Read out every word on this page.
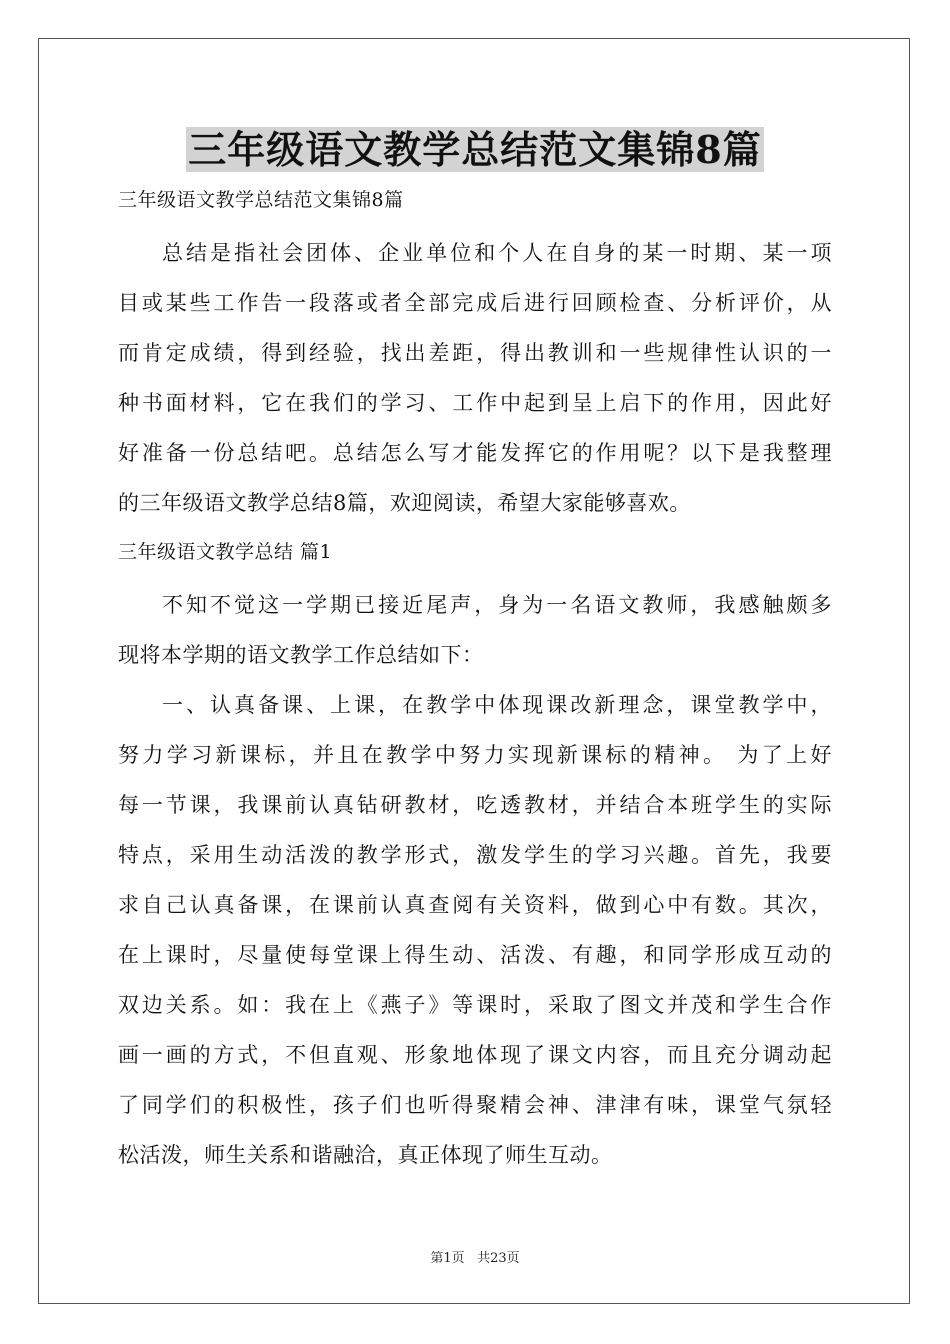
三年级语文教学总结范文集锦8篇
三年级语文教学总结范文集锦8篇
总结是指社会团体、企业单位和个人在自身的某一时期、某一项
目或某些工作告一段落或者全部完成后进行回顾检查、分析评价，从
而肯定成绩，得到经验，找出差距，得出教训和一些规律性认识的一
种书面材料，它在我们的学习、工作中起到呈上启下的作用，因此好
好准备一份总结吧。总结怎么写才能发挥它的作用呢？以下是我整理
的三年级语文教学总结8篇，欢迎阅读，希望大家能够喜欢。
三年级语文教学总结 篇1
不知不觉这一学期已接近尾声，身为一名语文教师，我感触颇多
现将本学期的语文教学工作总结如下：
一、认真备课、上课，在教学中体现课改新理念，课堂教学中，
努力学习新课标，并且在教学中努力实现新课标的精神。 为了上好
每一节课，我课前认真钻研教材，吃透教材，并结合本班学生的实际
特点，采用生动活泼的教学形式，激发学生的学习兴趣。首先，我要
求自己认真备课，在课前认真查阅有关资料，做到心中有数。其次，
在上课时，尽量使每堂课上得生动、活泼、有趣，和同学形成互动的
双边关系。如：我在上《燕子》等课时，采取了图文并茂和学生合作
画一画的方式，不但直观、形象地体现了课文内容，而且充分调动起
了同学们的积极性，孩子们也听得聚精会神、津津有味，课堂气氛轻
松活泼，师生关系和谐融洽，真正体现了师生互动。
第1页 共23页
